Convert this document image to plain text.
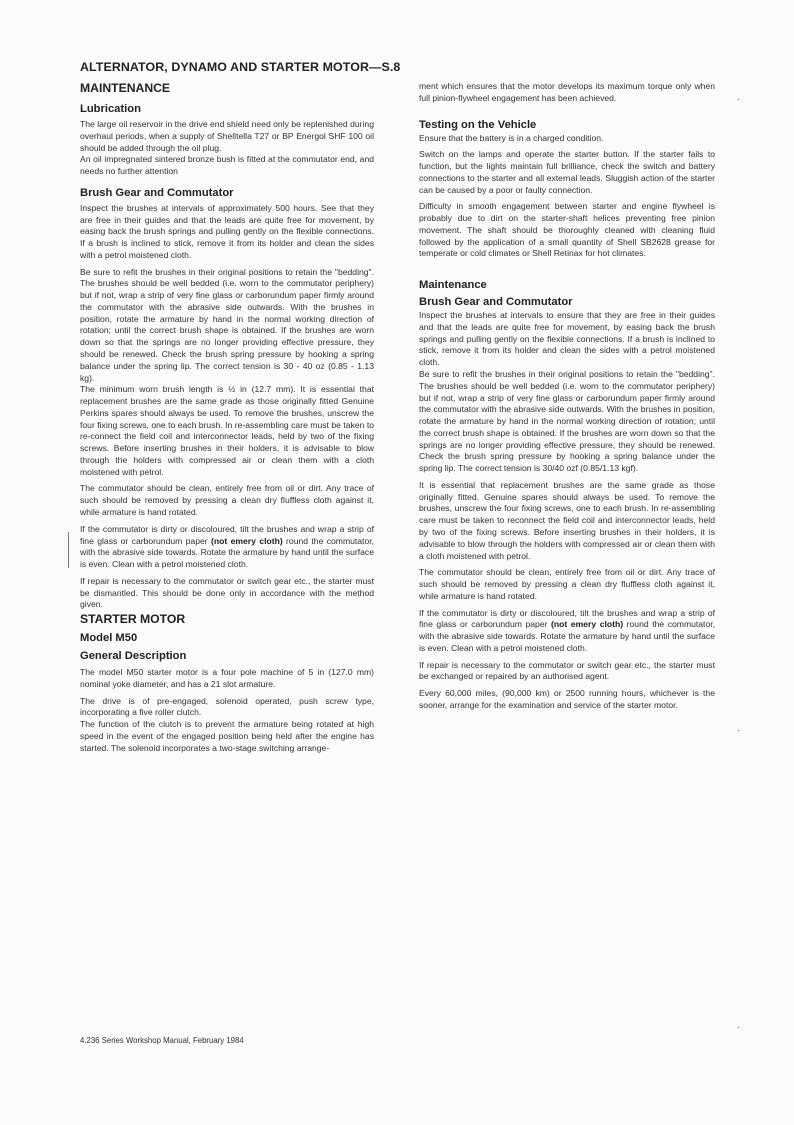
ALTERNATOR, DYNAMO AND STARTER MOTOR—S.8
MAINTENANCE
Lubrication

The large oil reservoir in the drive end shield need only be replenished during overhaul periods, when a supply of Shelltella T27 or BP Energol SHF 100 oil should be added through the oil plug.

An oil impregnated sintered bronze bush is fitted at the commutator end, and needs no further attention

Brush Gear and Commutator

Inspect the brushes at intervals of approximately 500 hours. See that they are free in their guides and that the leads are quite free for movement, by easing back the brush springs and pulling gently on the flexible connections. If a brush is inclined to stick, remove it from its holder and clean the sides with a petrol moistened cloth.

Be sure to refit the brushes in their original positions to retain the "bedding". The brushes should be well bedded (i.e. worn to the commutator periphery) but if not, wrap a strip of very fine glass or carborundum paper firmly around the commutator with the abrasive side outwards. With the brushes in position, rotate the armature by hand in the normal working direction of rotation; until the correct brush shape is obtained. If the brushes are worn down so that the springs are no longer providing effective pressure, they should be renewed. Check the brush spring pressure by hooking a spring balance under the spring lip. The correct tension is 30 - 40 oz (0.85 - 1.13 kg).

The minimum worn brush length is ½ in (12.7 mm). It is essential that replacement brushes are the same grade as those originally fitted Genuine Perkins spares should always be used. To remove the brushes, unscrew the four fixing screws, one to each brush. In re-assembling care must be taken to re-connect the field coil and interconnector leads, held by two of the fixing screws. Before inserting brushes in their holders, it is advisable to blow through the holders with compressed air or clean them with a cloth moistened with petrol.

The commutator should be clean, entirely free from oil or dirt. Any trace of such should be removed by pressing a clean dry fluffless cloth against it, while armature is hand rotated.

If the commutator is dirty or discoloured, tilt the brushes and wrap a strip of fine glass or carborundum paper (not emery cloth) round the commutator, with the abrasive side towards. Rotate the armature by hand until the surface is even. Clean with a petrol moistened cloth.

If repair is necessary to the commutator or switch gear etc., the starter must be dismantled. This should be done only in accordance with the method given.

STARTER MOTOR
Model M50
General Description

The model M50 starter motor is a four pole machine of 5 in (127.0 mm) nominal yoke diameter, and has a 21 slot armature.

The drive is of pre-engaged, solenoid operated, push screw type, incorporating a five roller clutch.

The function of the clutch is to prevent the armature being rotated at high speed in the event of the engaged position being held after the engine has started. The solenoid incorporates a two-stage switching arrange-

ment which ensures that the motor develops its maximum torque only when full pinion-flywheel engagement has been achieved.

Testing on the Vehicle

Ensure that the battery is in a charged condition.

Switch on the lamps and operate the starter button. If the starter fails to function, but the lights maintain full brilliance, check the switch and battery connections to the starter and all external leads. Sluggish action of the starter can be caused by a poor or faulty connection.

Difficulty in smooth engagement between starter and engine flywheel is probably due to dirt on the starter-shaft helices preventing free pinion movement. The shaft should be thoroughly cleaned with cleaning fluid followed by the application of a small quantity of Shell SB2628 grease for temperate or cold climates or Shell Retinax for hot climates.

Maintenance
Brush Gear and Commutator

Inspect the brushes at intervals to ensure that they are free in their guides and that the leads are quite free for movement, by easing back the brush springs and pulling gently on the flexible connections. If a brush is inclined to stick, remove it from its holder and clean the sides with a petrol moistened cloth.

Be sure to refit the brushes in their original positions to retain the "bedding". The brushes should be well bedded (i.e. worn to the commutator periphery) but if not, wrap a strip of very fine glass or carborundum paper firmly around the commutator with the abrasive side outwards. With the brushes in position, rotate the armature by hand in the normal working direction of rotation; until the correct brush shape is obtained. If the brushes are worn down so that the springs are no longer providing effective pressure, they should be renewed. Check the brush spring pressure by hooking a spring balance under the spring lip. The correct tension is 30/40 ozf (0.85/1.13 kgf).

It is essential that replacement brushes are the same grade as those originally fitted. Genuine spares should always be used. To remove the brushes, unscrew the four fixing screws, one to each brush. In re-assembling care must be taken to reconnect the field coil and interconnector leads, held by two of the fixing screws. Before inserting brushes in their holders, it is advisable to blow through the holders with compressed air or clean them with a cloth moistened with petrol.

The commutator should be clean, entirely free from oil or dirt. Any trace of such should be removed by pressing a clean dry fluffless cloth against it, while armature is hand rotated.

If the commutator is dirty or discoloured, tilt the brushes and wrap a strip of fine glass or carborundum paper (not emery cloth) round the commutator, with the abrasive side towards. Rotate the armature by hand until the surface is even. Clean with a petrol moistened cloth.

If repair is necessary to the commutator or switch gear etc., the starter must be exchanged or repaired by an authorised agent.

Every 60,000 miles, (90,000 km) or 2500 running hours, whichever is the sooner, arrange for the examination and service of the starter motor.

·
·
·
4.236 Series Workshop Manual, February 1984
